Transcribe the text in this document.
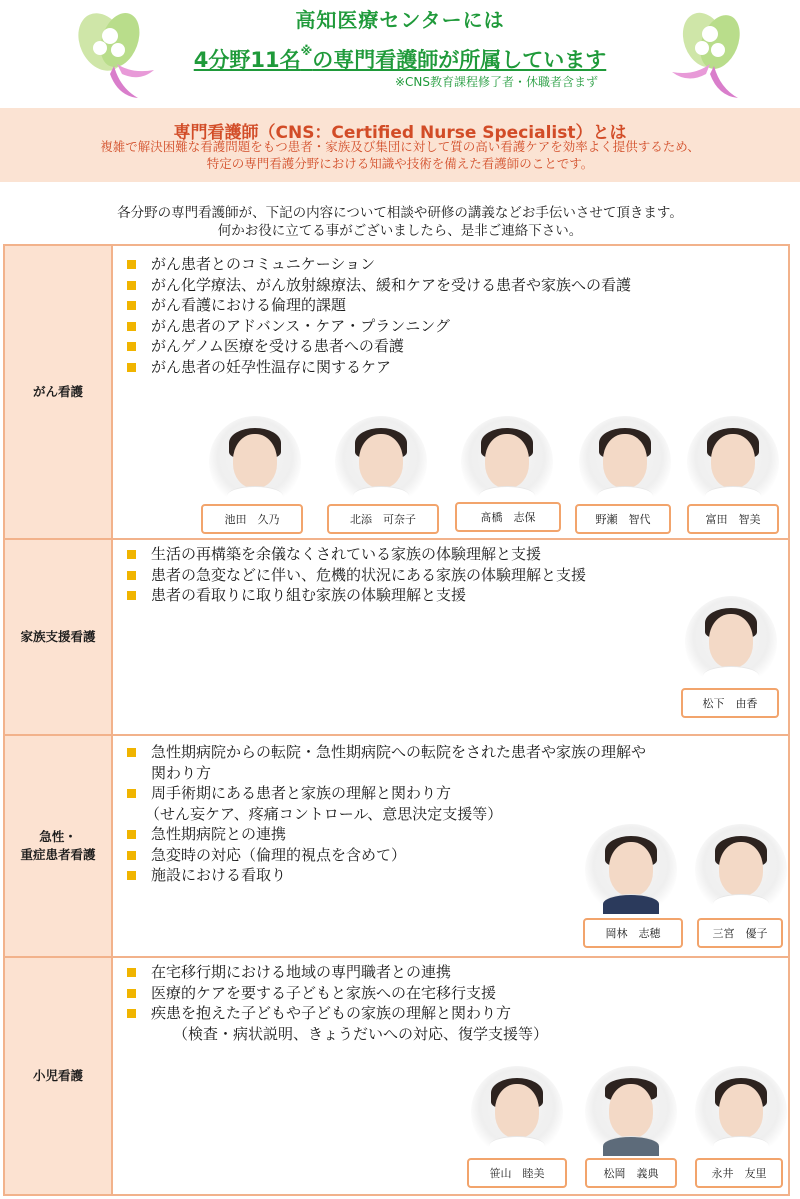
高知医療センターには
4分野11名※の専門看護師が所属しています
※CNS教育課程修了者・休職者含まず
専門看護師（CNS：Certified Nurse Specialist）とは
複雑で解決困難な看護問題をもつ患者・家族及び集団に対して質の高い看護ケアを効率よく提供するため、
特定の専門看護分野における知識や技術を備えた看護師のことです。
各分野の専門看護師が、下記の内容について相談や研修の講義などお手伝いさせて頂きます。
何かお役に立てる事がございましたら、是非ご連絡下さい。
がん看護
がん患者とのコミュニケーション
がん化学療法、がん放射線療法、緩和ケアを受ける患者や家族への看護
がん看護における倫理的課題
がん患者のアドバンス・ケア・プランニング
がんゲノム医療を受ける患者への看護
がん患者の妊孕性温存に関するケア
池田　久乃	北添　可奈子	髙橋　志保	野瀬　智代	富田　智美
家族支援看護
生活の再構築を余儀なくされている家族の体験理解と支援
患者の急変などに伴い、危機的状況にある家族の体験理解と支援
患者の看取りに取り組む家族の体験理解と支援
松下　由香
急性・
重症患者看護
急性期病院からの転院・急性期病院への転院をされた患者や家族の理解や
関わり方
周手術期にある患者と家族の理解と関わり方
（せん妄ケア、疼痛コントロール、意思決定支援等）
急性期病院との連携
急変時の対応（倫理的視点を含めて）
施設における看取り
岡林　志穂	三宮　優子
小児看護
在宅移行期における地域の専門職者との連携
医療的ケアを要する子どもと家族への在宅移行支援
疾患を抱えた子どもや子どもの家族の理解と関わり方
（検査・病状説明、きょうだいへの対応、復学支援等）
笹山　睦美	松岡　義典	永井　友里
